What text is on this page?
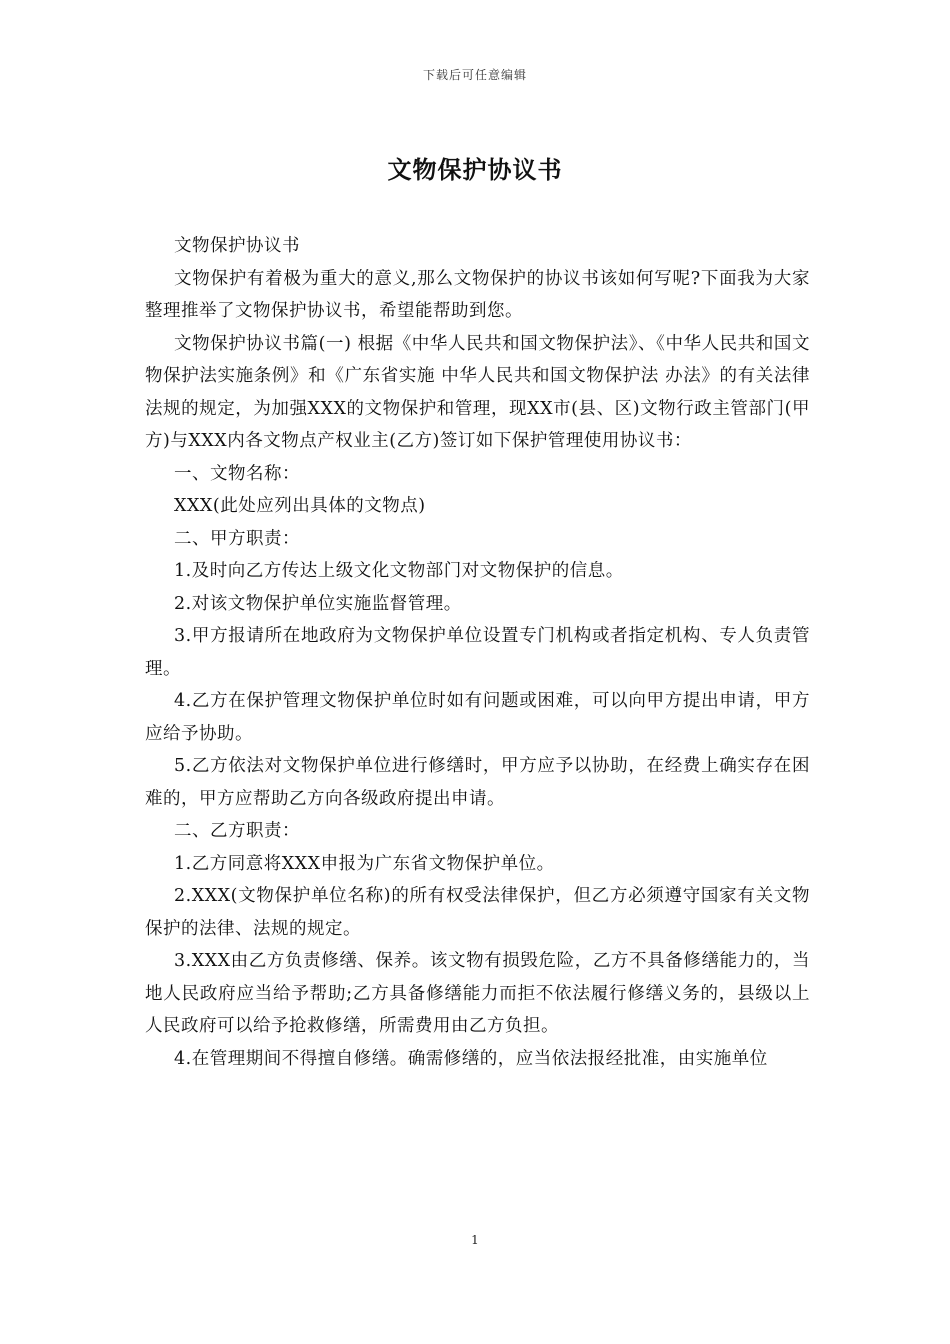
下载后可任意编辑
文物保护协议书

文物保护协议书

文物保护有着极为重大的意义,那么文物保护的协议书该如何写呢?下面我为大家整理推举了文物保护协议书，希望能帮助到您。

文物保护协议书篇(一) 根据《中华人民共和国文物保护法》、《中华人民共和国文物保护法实施条例》和《广东省实施 中华人民共和国文物保护法 办法》的有关法律法规的规定，为加强XXX的文物保护和管理，现XX市(县、区)文物行政主管部门(甲方)与XXX内各文物点产权业主(乙方)签订如下保护管理使用协议书：

一、文物名称：

XXX(此处应列出具体的文物点)

二、甲方职责：

1.及时向乙方传达上级文化文物部门对文物保护的信息。

2.对该文物保护单位实施监督管理。

3.甲方报请所在地政府为文物保护单位设置专门机构或者指定机构、专人负责管理。

4.乙方在保护管理文物保护单位时如有问题或困难，可以向甲方提出申请，甲方应给予协助。

5.乙方依法对文物保护单位进行修缮时，甲方应予以协助，在经费上确实存在困难的，甲方应帮助乙方向各级政府提出申请。

二、乙方职责：

1.乙方同意将XXX申报为广东省文物保护单位。

2.XXX(文物保护单位名称)的所有权受法律保护，但乙方必须遵守国家有关文物保护的法律、法规的规定。

3.XXX由乙方负责修缮、保养。该文物有损毁危险，乙方不具备修缮能力的，当地人民政府应当给予帮助;乙方具备修缮能力而拒不依法履行修缮义务的，县级以上人民政府可以给予抢救修缮，所需费用由乙方负担。

4.在管理期间不得擅自修缮。确需修缮的，应当依法报经批准，由实施单位

1
